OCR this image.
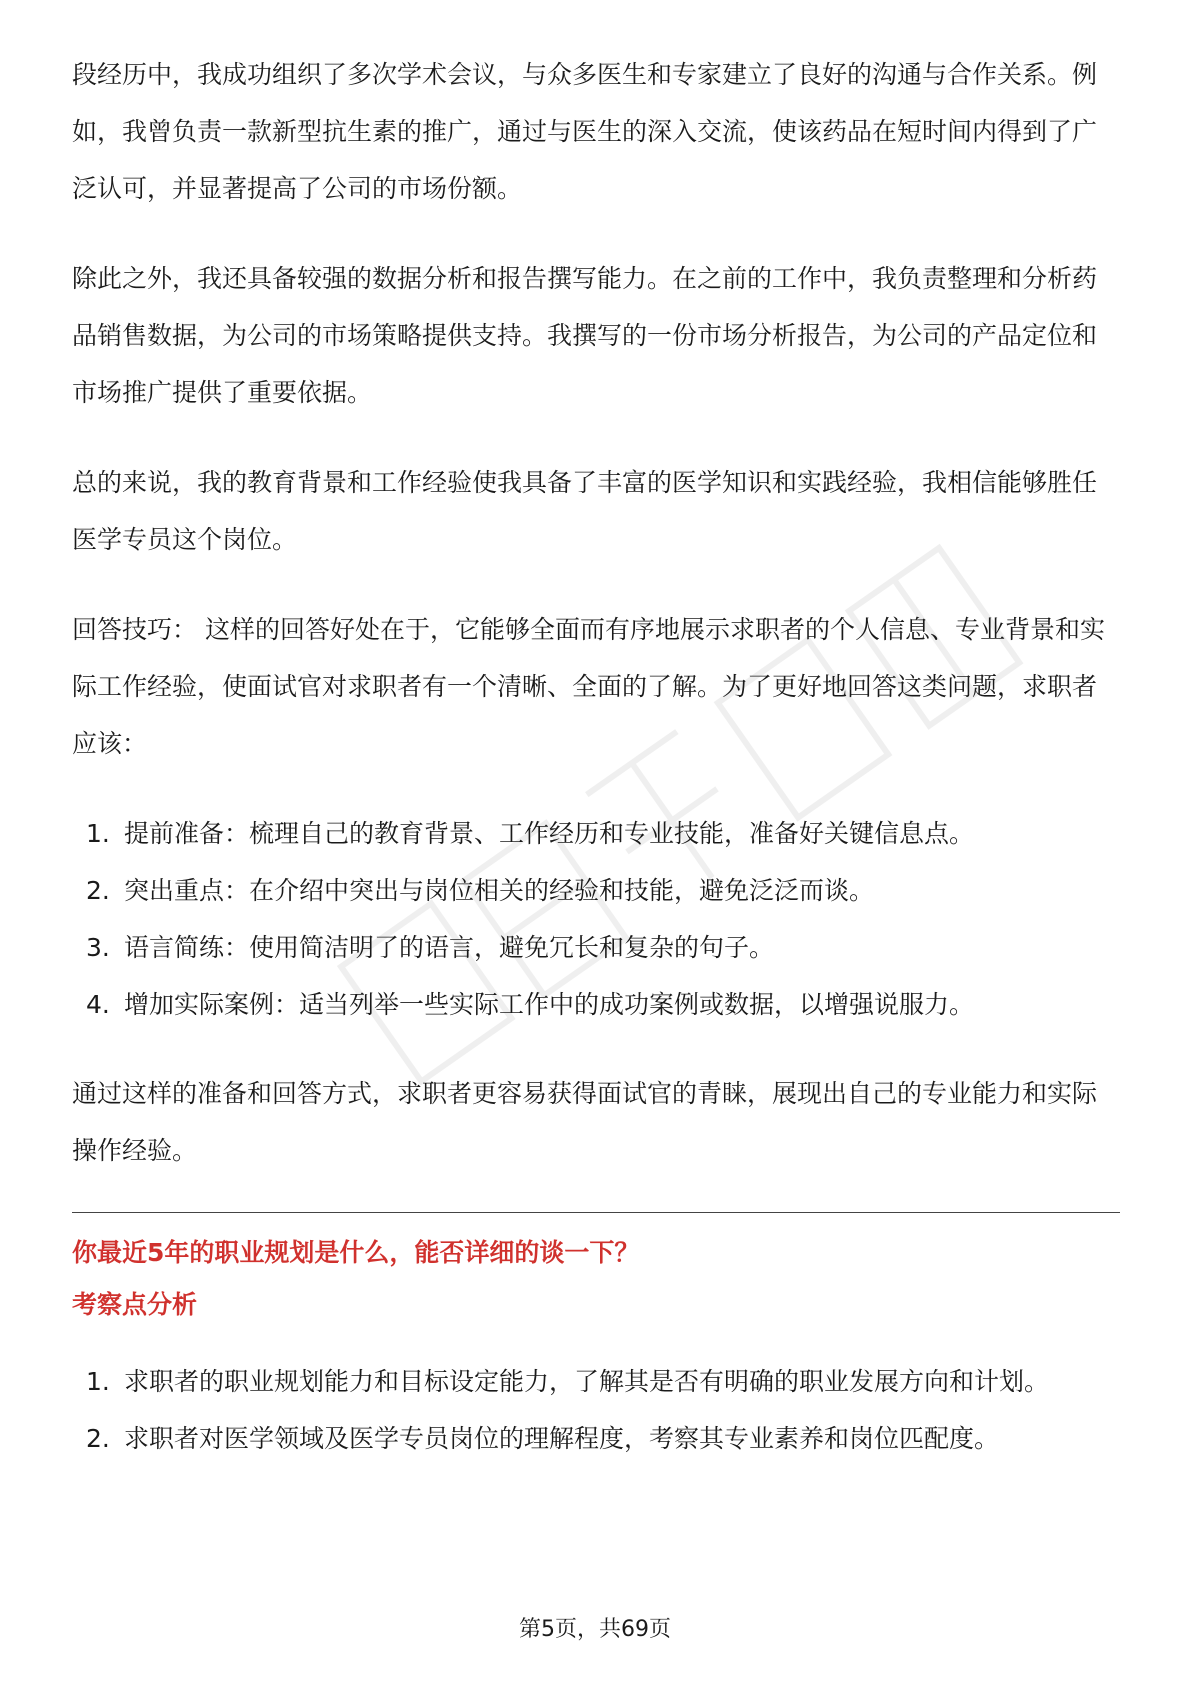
段经历中，我成功组织了多次学术会议，与众多医生和专家建立了良好的沟通与合作关系。例如，我曾负责一款新型抗生素的推广，通过与医生的深入交流，使该药品在短时间内得到了广泛认可，并显著提高了公司的市场份额。

除此之外，我还具备较强的数据分析和报告撰写能力。在之前的工作中，我负责整理和分析药品销售数据，为公司的市场策略提供支持。我撰写的一份市场分析报告，为公司的产品定位和市场推广提供了重要依据。

总的来说，我的教育背景和工作经验使我具备了丰富的医学知识和实践经验，我相信能够胜任医学专员这个岗位。

回答技巧： 这样的回答好处在于，它能够全面而有序地展示求职者的个人信息、专业背景和实际工作经验，使面试官对求职者有一个清晰、全面的了解。为了更好地回答这类问题，求职者应该：

1. 提前准备：梳理自己的教育背景、工作经历和专业技能，准备好关键信息点。
2. 突出重点：在介绍中突出与岗位相关的经验和技能，避免泛泛而谈。
3. 语言简练：使用简洁明了的语言，避免冗长和复杂的句子。
4. 增加实际案例：适当列举一些实际工作中的成功案例或数据，以增强说服力。

通过这样的准备和回答方式，求职者更容易获得面试官的青睐，展现出自己的专业能力和实际操作经验。

你最近5年的职业规划是什么，能否详细的谈一下？

考察点分析

1. 求职者的职业规划能力和目标设定能力，了解其是否有明确的职业发展方向和计划。
2. 求职者对医学领域及医学专员岗位的理解程度，考察其专业素养和岗位匹配度。
第5页，共69页
